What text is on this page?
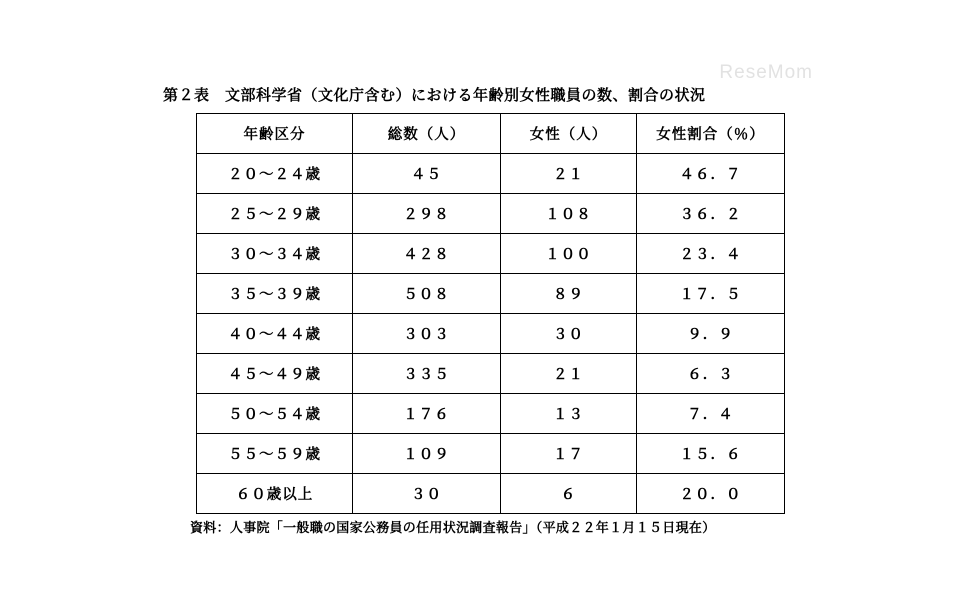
ReseMom
第２表　文部科学省（文化庁含む）における年齢別女性職員の数、割合の状況
年齢区分	総数（人）	女性（人）	女性割合（％）
２０～２４歳	４５	２１	４６．７
２５～２９歳	２９８	１０８	３６．２
３０～３４歳	４２８	１００	２３．４
３５～３９歳	５０８	８９	１７．５
４０～４４歳	３０３	３０	９．９
４５～４９歳	３３５	２１	６．３
５０～５４歳	１７６	１３	７．４
５５～５９歳	１０９	１７	１５．６
６０歳以上	３０	６	２０．０
資料：人事院「一般職の国家公務員の任用状況調査報告」（平成２２年１月１５日現在）
